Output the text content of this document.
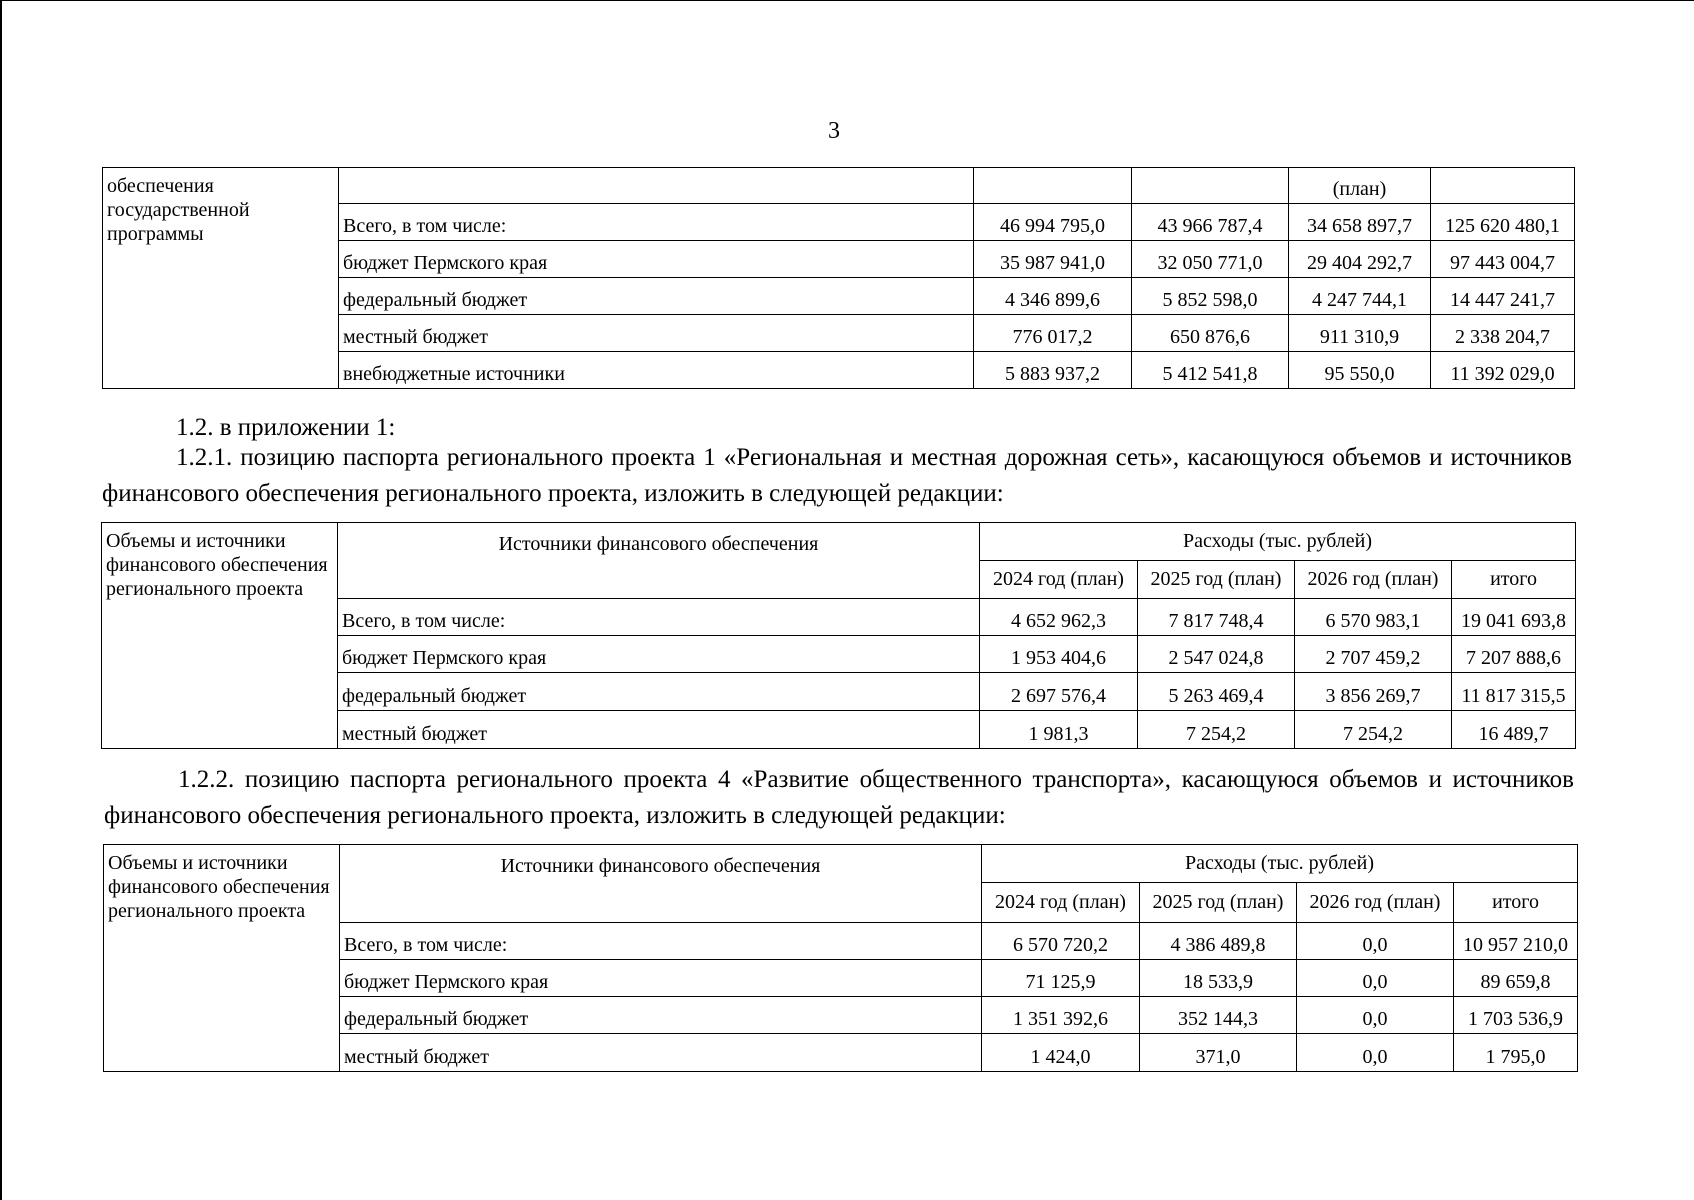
3
обеспечения государственной программы				(план)	
	Всего, в том числе:	46 994 795,0	43 966 787,4	34 658 897,7	125 620 480,1
	бюджет Пермского края	35 987 941,0	32 050 771,0	29 404 292,7	97 443 004,7
	федеральный бюджет	4 346 899,6	5 852 598,0	4 247 744,1	14 447 241,7
	местный бюджет	776 017,2	650 876,6	911 310,9	2 338 204,7
	внебюджетные источники	5 883 937,2	5 412 541,8	95 550,0	11 392 029,0
1.2. в приложении 1:
1.2.1. позицию паспорта регионального проекта 1 «Региональная и местная дорожная сеть», касающуюся объемов и источников финансового обеспечения регионального проекта, изложить в следующей редакции:
Объемы и источники финансового обеспечения регионального проекта	Источники финансового обеспечения	Расходы (тыс. рублей)			
		2024 год (план)	2025 год (план)	2026 год (план)	итого
	Всего, в том числе:	4 652 962,3	7 817 748,4	6 570 983,1	19 041 693,8
	бюджет Пермского края	1 953 404,6	2 547 024,8	2 707 459,2	7 207 888,6
	федеральный бюджет	2 697 576,4	5 263 469,4	3 856 269,7	11 817 315,5
	местный бюджет	1 981,3	7 254,2	7 254,2	16 489,7
1.2.2. позицию паспорта регионального проекта 4 «Развитие общественного транспорта», касающуюся объемов и источников финансового обеспечения регионального проекта, изложить в следующей редакции:
Объемы и источники финансового обеспечения регионального проекта	Источники финансового обеспечения	Расходы (тыс. рублей)			
		2024 год (план)	2025 год (план)	2026 год (план)	итого
	Всего, в том числе:	6 570 720,2	4 386 489,8	0,0	10 957 210,0
	бюджет Пермского края	71 125,9	18 533,9	0,0	89 659,8
	федеральный бюджет	1 351 392,6	352 144,3	0,0	1 703 536,9
	местный бюджет	1 424,0	371,0	0,0	1 795,0
